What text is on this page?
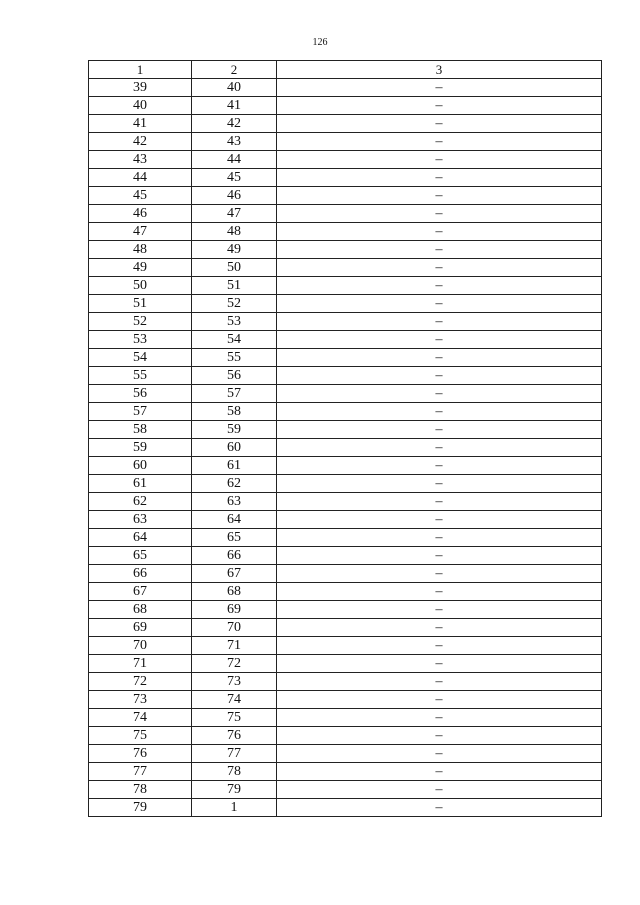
126
1	2	3
39	40	–
40	41	–
41	42	–
42	43	–
43	44	–
44	45	–
45	46	–
46	47	–
47	48	–
48	49	–
49	50	–
50	51	–
51	52	–
52	53	–
53	54	–
54	55	–
55	56	–
56	57	–
57	58	–
58	59	–
59	60	–
60	61	–
61	62	–
62	63	–
63	64	–
64	65	–
65	66	–
66	67	–
67	68	–
68	69	–
69	70	–
70	71	–
71	72	–
72	73	–
73	74	–
74	75	–
75	76	–
76	77	–
77	78	–
78	79	–
79	1	–
